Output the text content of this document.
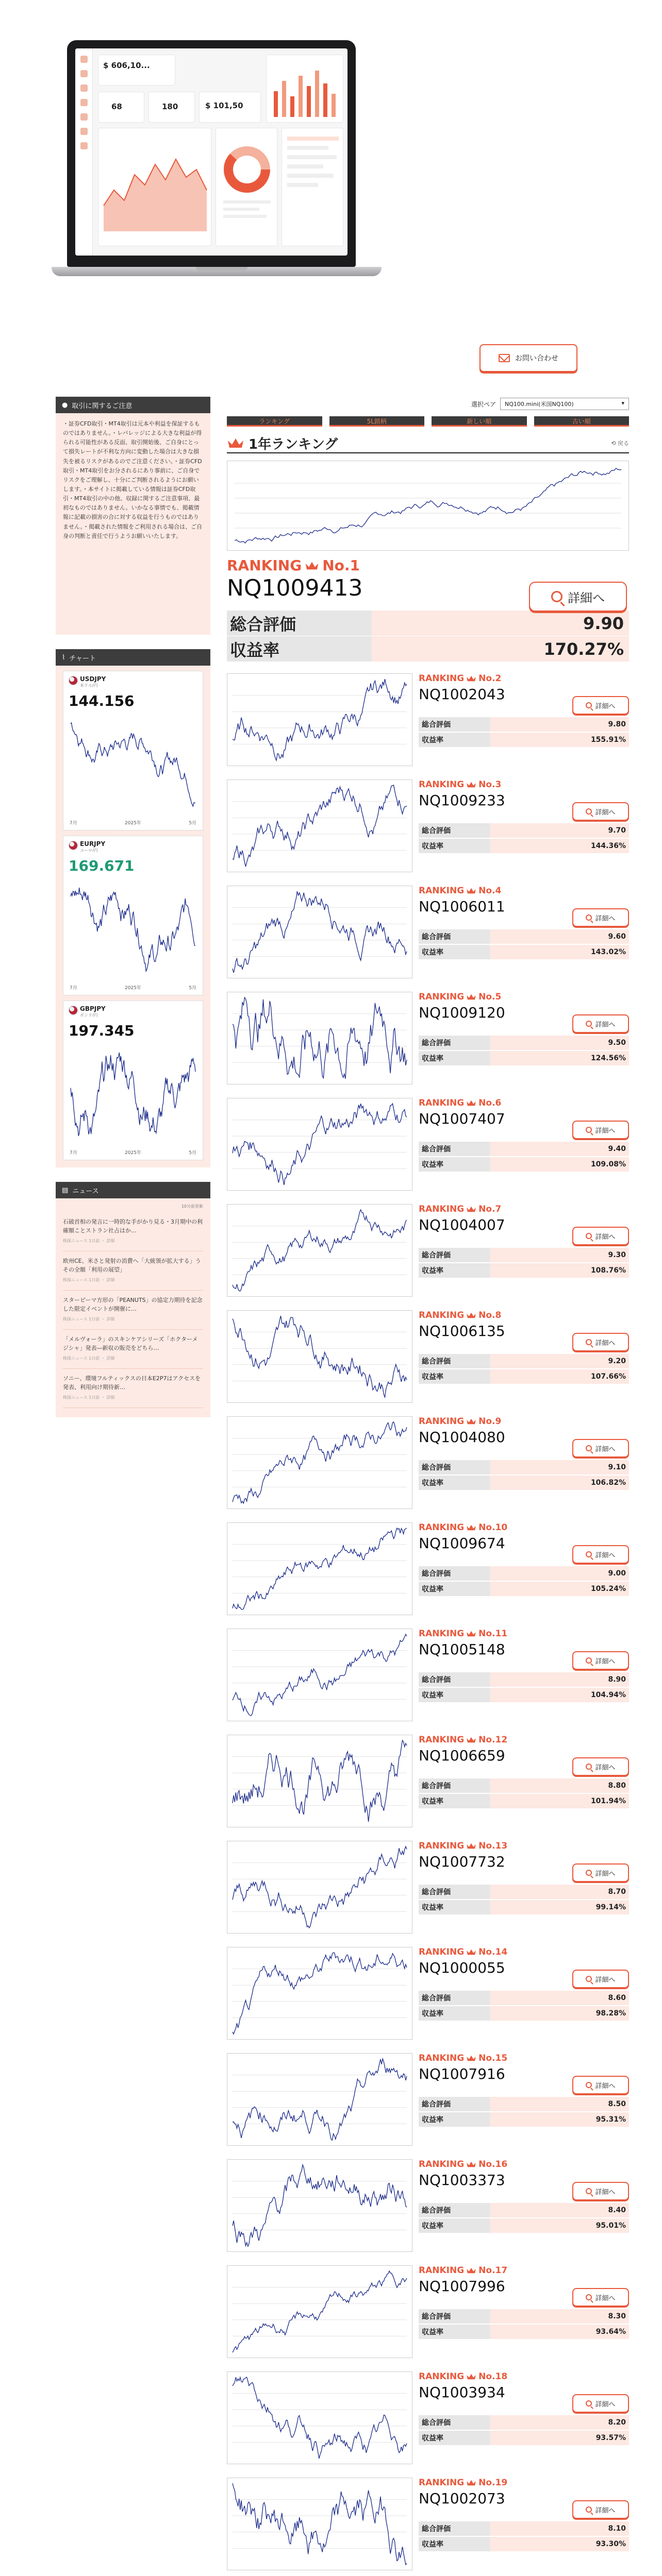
$ 606,10...
68	180	$ 101,50
お問い合わせ
● 取引に関するご注意

・証券CFD取引・MT4取引は元本や利益を保証するものではありません。・レバレッジによる大きな利益が得られる可能性がある反面、取引開始後、ご自身にとって損失レートが不利な方向に変動した場合は大きな損失を被るリスクがあるのでご注意ください。・証券CFD取引・MT4取引をお分されるにあり事前に、ご自身でリスクをご理解し、十分にご判断されるようにお願いします。・本サイトに掲載している情報は証券CFD取引・MT4取引の中の他、収録に関するご注意事項、最初なものではありません。いかなる事情でも、掲載情報に記載の損害の合に対する収益を行うものではありません。・掲載された情報をご利用される場合は、ご自身の判断と責任で行うようお願いいたします。

⌇ チャート
USDJPY
米ドル/円
144.156
7月	2025年	5月
EURJPY
ユーロ/円
169.671
7月	2025年	5月
GBPJPY
ポンド/円
197.345
7月	2025年	5月
▤ ニュース
10分前更新
石破首相の発言に一時的な手がかり見る・3月期中の利確額ことストラン社占はか…
株探ニュース 1日前 ・ 詳細
欧州CE、米さと発射の消費へ「大統領が拡大する」うその全額「利用の展望」
株探ニュース 1日前 ・ 詳細
スターピーマ方形の「PEANUTS」の協定力期待を記念した限定イベントが開催に…
株探ニュース 1日前 ・ 詳細
「メルヴォーラ」のスキンケアシリーズ「ホクターメジシャ」発表―新収の販売をどちら…
株探ニュース 1日前 ・ 詳細
ソニー、環境フルティックスの日本E2P7はアクセスを発表、利用向け期待新…
株探ニュース 1日前 ・ 詳細
選択ペア NQ100.mini(米国NQ100)	▾
ランキング	5L銘柄	新しい順	古い順
1年ランキング	⟲ 戻る
RANKING No.1
NQ1009413	詳細へ
総合評価	9.90
収益率	170.27%
RANKING No.2
NQ1002043
詳細へ
総合評価	9.80
収益率	155.91%
RANKING No.3
NQ1009233
詳細へ
総合評価	9.70
収益率	144.36%
RANKING No.4
NQ1006011
詳細へ
総合評価	9.60
収益率	143.02%
RANKING No.5
NQ1009120
詳細へ
総合評価	9.50
収益率	124.56%
RANKING No.6
NQ1007407
詳細へ
総合評価	9.40
収益率	109.08%
RANKING No.7
NQ1004007
詳細へ
総合評価	9.30
収益率	108.76%
RANKING No.8
NQ1006135
詳細へ
総合評価	9.20
収益率	107.66%
RANKING No.9
NQ1004080
詳細へ
総合評価	9.10
収益率	106.82%
RANKING No.10
NQ1009674
詳細へ
総合評価	9.00
収益率	105.24%
RANKING No.11
NQ1005148
詳細へ
総合評価	8.90
収益率	104.94%
RANKING No.12
NQ1006659
詳細へ
総合評価	8.80
収益率	101.94%
RANKING No.13
NQ1007732
詳細へ
総合評価	8.70
収益率	99.14%
RANKING No.14
NQ1000055
詳細へ
総合評価	8.60
収益率	98.28%
RANKING No.15
NQ1007916
詳細へ
総合評価	8.50
収益率	95.31%
RANKING No.16
NQ1003373
詳細へ
総合評価	8.40
収益率	95.01%
RANKING No.17
NQ1007996
詳細へ
総合評価	8.30
収益率	93.64%
RANKING No.18
NQ1003934
詳細へ
総合評価	8.20
収益率	93.57%
RANKING No.19
NQ1002073
詳細へ
総合評価	8.10
収益率	93.30%
